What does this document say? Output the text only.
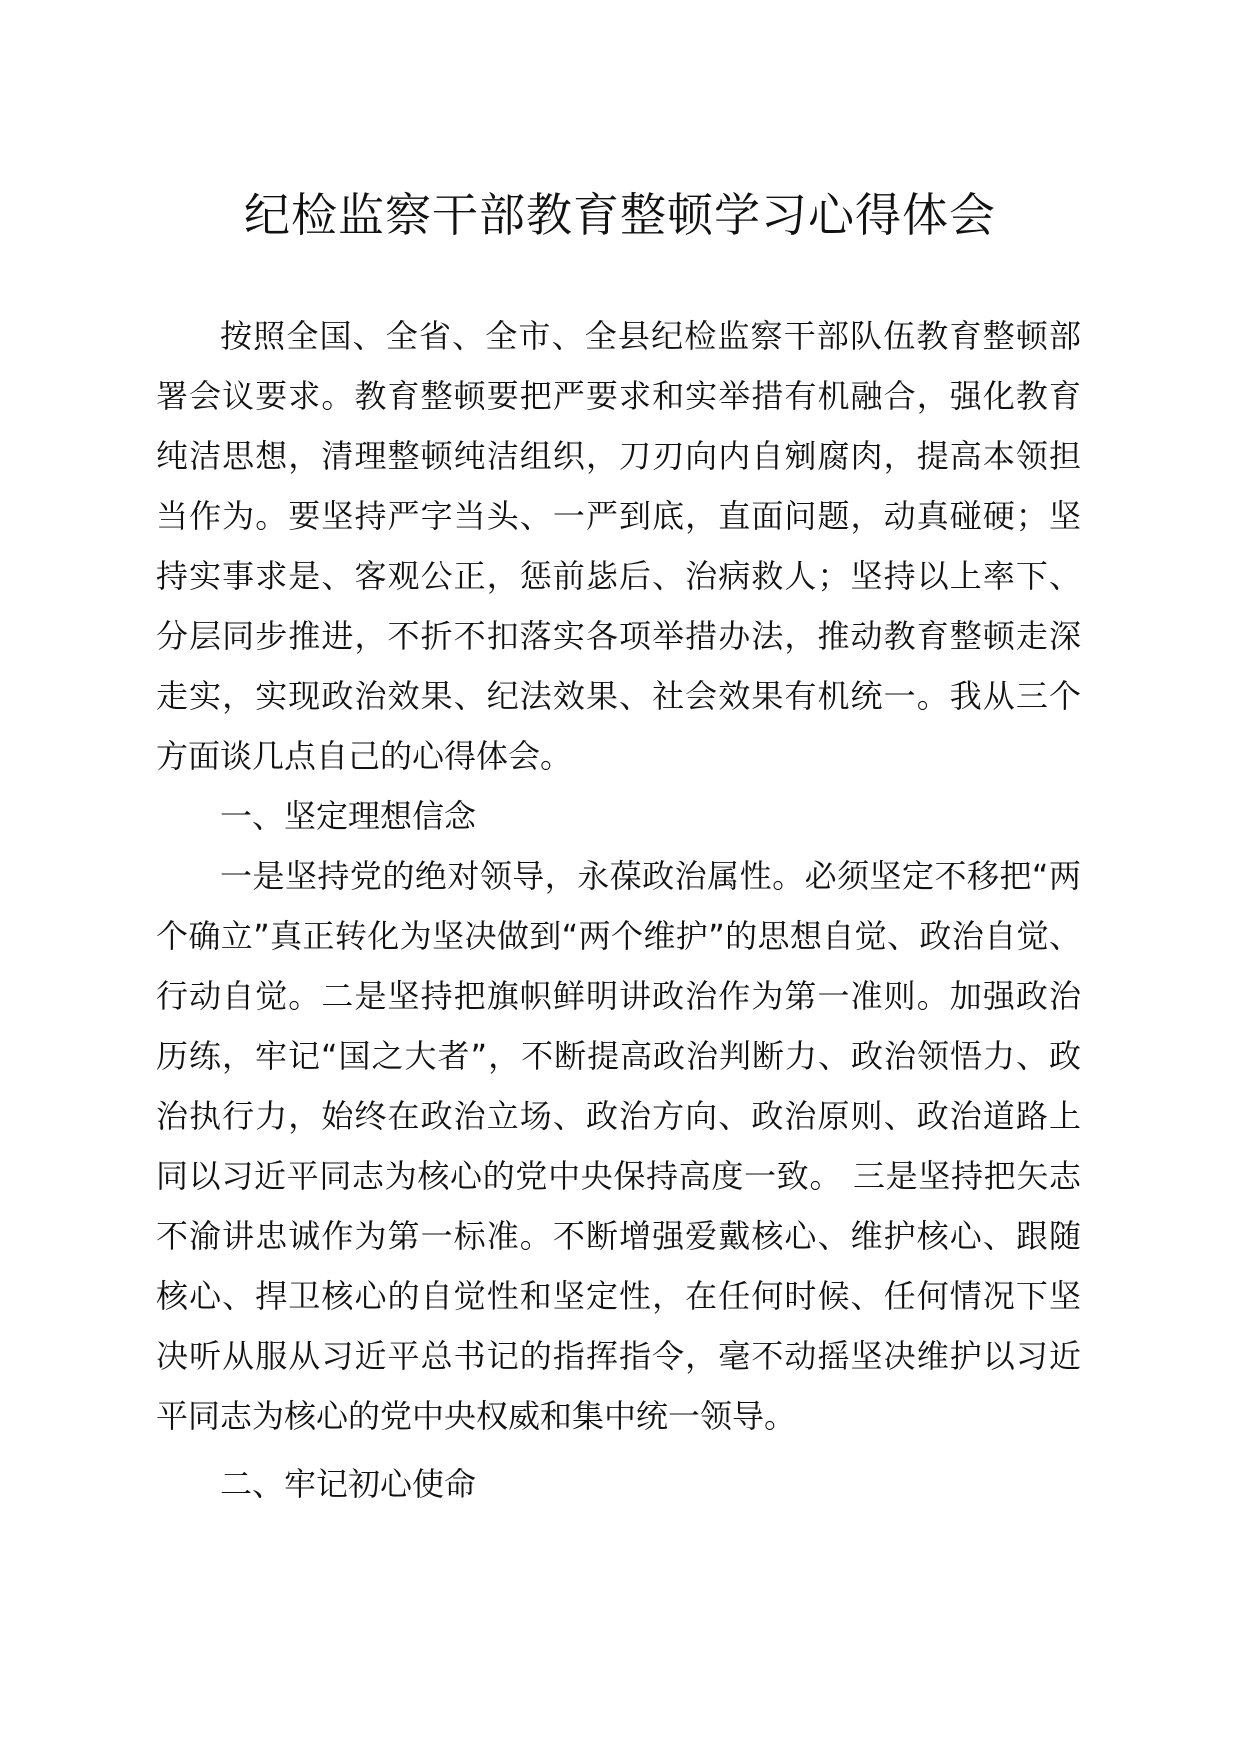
纪检监察干部教育整顿学习心得体会

按照全国、全省、全市、全县纪检监察干部队伍教育整顿部署会议要求。教育整顿要把严要求和实举措有机融合，强化教育纯洁思想，清理整顿纯洁组织，刀刃向内自剜腐肉，提高本领担当作为。要坚持严字当头、一严到底，直面问题，动真碰硬；坚持实事求是、客观公正，惩前毖后、治病救人；坚持以上率下、分层同步推进，不折不扣落实各项举措办法，推动教育整顿走深走实，实现政治效果、纪法效果、社会效果有机统一。我从三个方面谈几点自己的心得体会。

一、坚定理想信念

一是坚持党的绝对领导，永葆政治属性。必须坚定不移把“两个确立”真正转化为坚决做到“两个维护”的思想自觉、政治自觉、行动自觉。二是坚持把旗帜鲜明讲政治作为第一准则。加强政治历练，牢记“国之大者”，不断提高政治判断力、政治领悟力、政治执行力，始终在政治立场、政治方向、政治原则、政治道路上同以习近平同志为核心的党中央保持高度一致。 三是坚持把矢志不渝讲忠诚作为第一标准。不断增强爱戴核心、维护核心、跟随核心、捍卫核心的自觉性和坚定性，在任何时候、任何情况下坚决听从服从习近平总书记的指挥指令，毫不动摇坚决维护以习近平同志为核心的党中央权威和集中统一领导。

二、牢记初心使命
